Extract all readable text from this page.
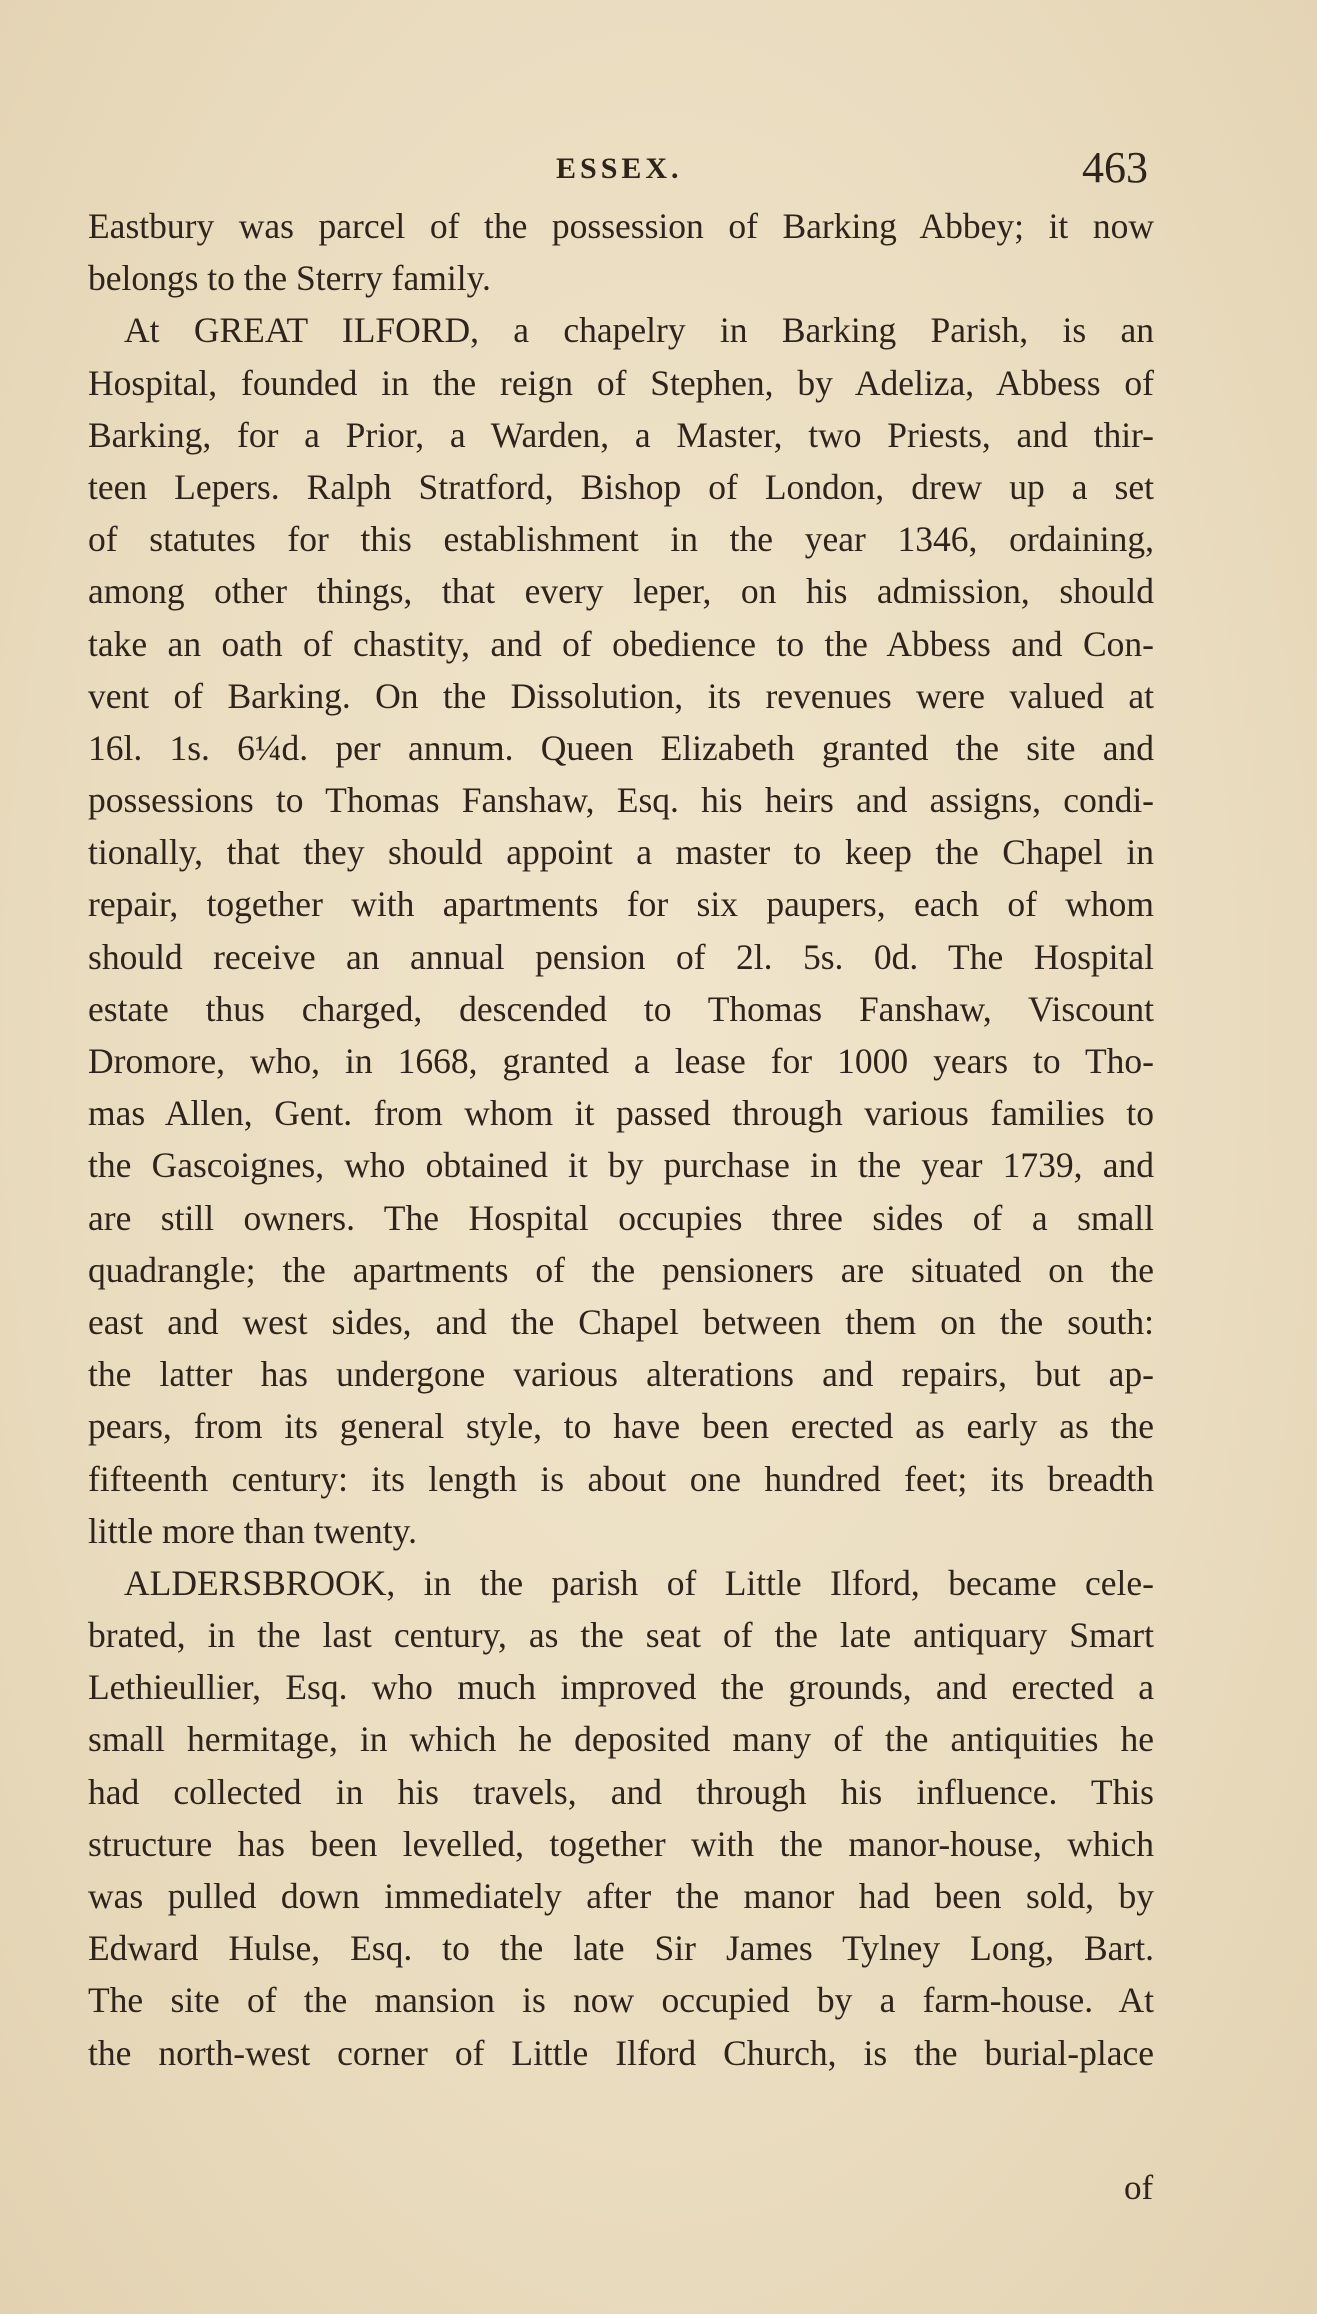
ESSEX.	463
Eastbury was parcel of the possession of Barking Abbey; it now
belongs to the Sterry family.
At GREAT ILFORD, a chapelry in Barking Parish, is an
Hospital, founded in the reign of Stephen, by Adeliza, Abbess of
Barking, for a Prior, a Warden, a Master, two Priests, and thir-
teen Lepers. Ralph Stratford, Bishop of London, drew up a set
of statutes for this establishment in the year 1346, ordaining,
among other things, that every leper, on his admission, should
take an oath of chastity, and of obedience to the Abbess and Con-
vent of Barking. On the Dissolution, its revenues were valued at
16l. 1s. 6¼d. per annum. Queen Elizabeth granted the site and
possessions to Thomas Fanshaw, Esq. his heirs and assigns, condi-
tionally, that they should appoint a master to keep the Chapel in
repair, together with apartments for six paupers, each of whom
should receive an annual pension of 2l. 5s. 0d. The Hospital
estate thus charged, descended to Thomas Fanshaw, Viscount
Dromore, who, in 1668, granted a lease for 1000 years to Tho-
mas Allen, Gent. from whom it passed through various families to
the Gascoignes, who obtained it by purchase in the year 1739, and
are still owners. The Hospital occupies three sides of a small
quadrangle; the apartments of the pensioners are situated on the
east and west sides, and the Chapel between them on the south:
the latter has undergone various alterations and repairs, but ap-
pears, from its general style, to have been erected as early as the
fifteenth century: its length is about one hundred feet; its breadth
little more than twenty.
ALDERSBROOK, in the parish of Little Ilford, became cele-
brated, in the last century, as the seat of the late antiquary Smart
Lethieullier, Esq. who much improved the grounds, and erected a
small hermitage, in which he deposited many of the antiquities he
had collected in his travels, and through his influence. This
structure has been levelled, together with the manor-house, which
was pulled down immediately after the manor had been sold, by
Edward Hulse, Esq. to the late Sir James Tylney Long, Bart.
The site of the mansion is now occupied by a farm-house. At
the north-west corner of Little Ilford Church, is the burial-place
of
